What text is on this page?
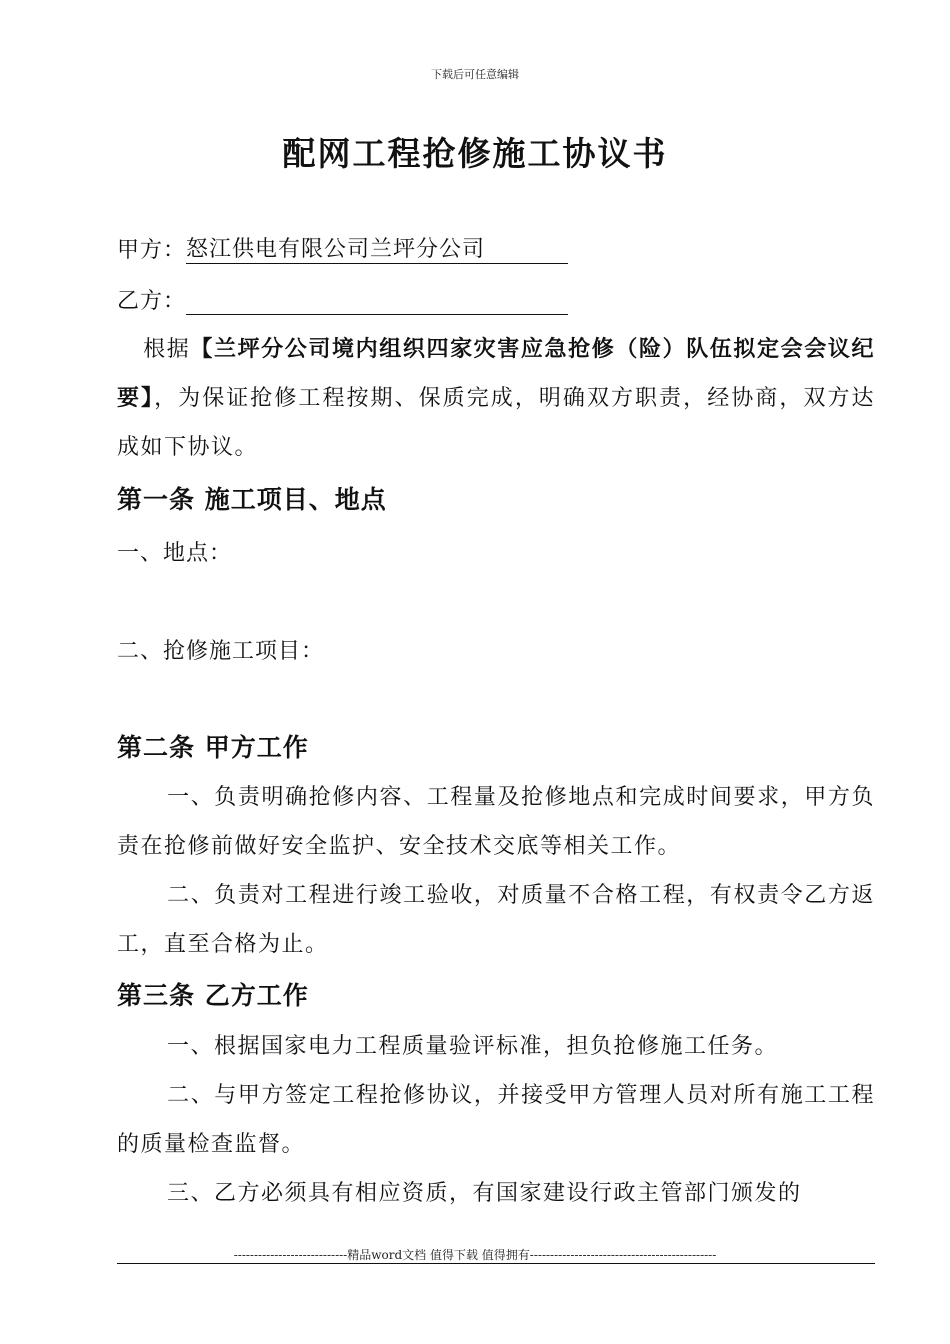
下载后可任意编辑
配网工程抢修施工协议书
甲方：怒江供电有限公司兰坪分公司
乙方：
根据【兰坪分公司境内组织四家灾害应急抢修（险）队伍拟定会会议纪要】，为保证抢修工程按期、保质完成，明确双方职责，经协商，双方达成如下协议。
第一条 施工项目、地点
一、地点：
二、抢修施工项目：
第二条 甲方工作
一、负责明确抢修内容、工程量及抢修地点和完成时间要求，甲方负责在抢修前做好安全监护、安全技术交底等相关工作。
二、负责对工程进行竣工验收，对质量不合格工程，有权责令乙方返工，直至合格为止。
第三条 乙方工作
一、根据国家电力工程质量验评标准，担负抢修施工任务。
二、与甲方签定工程抢修协议，并接受甲方管理人员对所有施工工程的质量检查监督。
三、乙方必须具有相应资质，有国家建设行政主管部门颁发的
----------------------------精品word文档 值得下载 值得拥有----------------------------------------------
